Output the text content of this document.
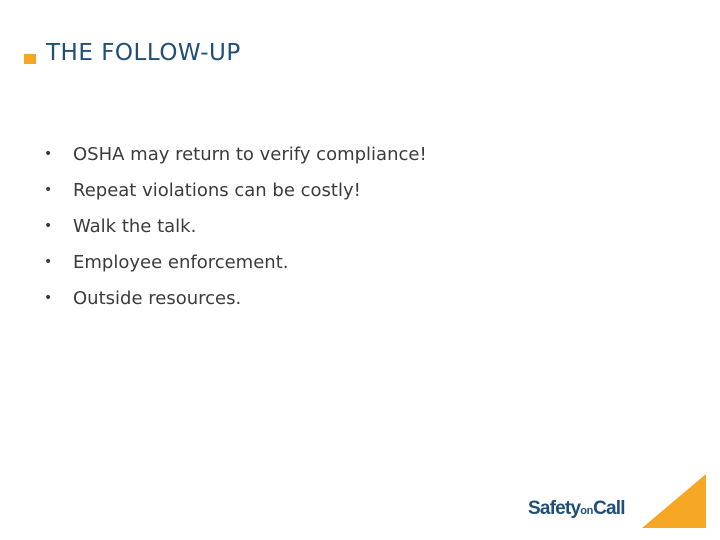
THE FOLLOW-UP
•	OSHA may return to verify compliance!
•	Repeat violations can be costly!
•	Walk the talk.
•	Employee enforcement.
•	Outside resources.
SafetyonCall
